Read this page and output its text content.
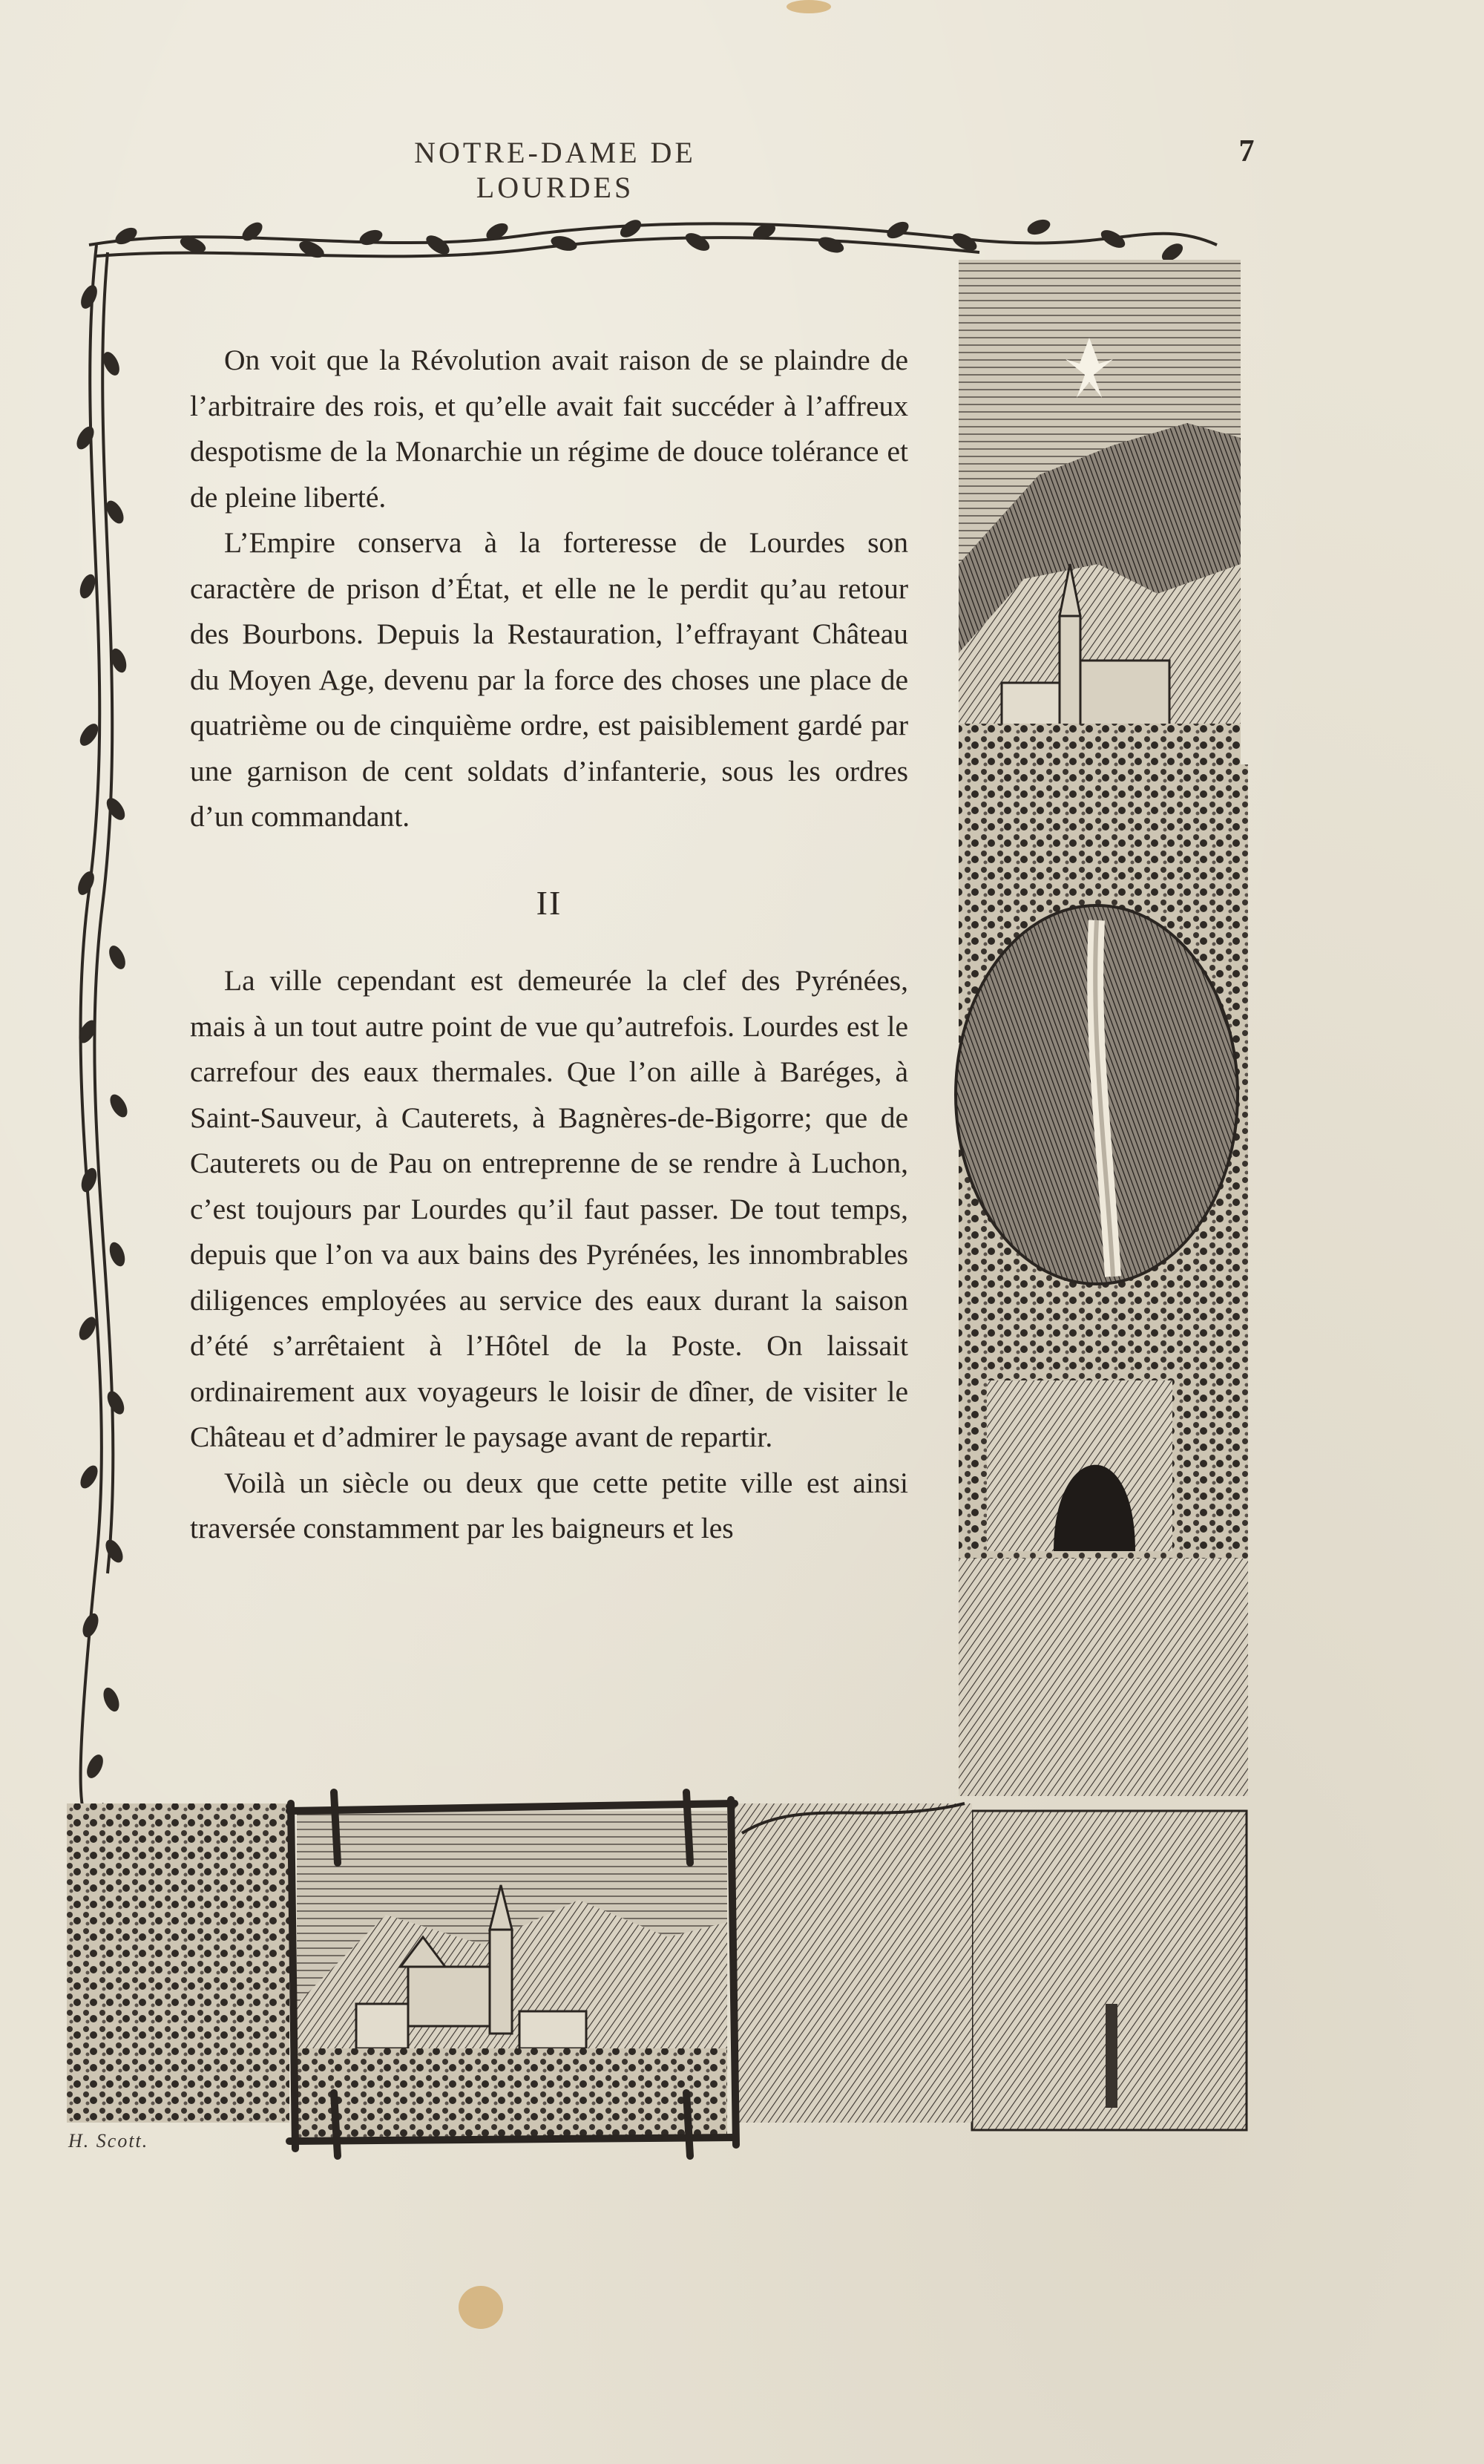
NOTRE-DAME DE LOURDES
7

On voit que la Révolution avait raison de se plaindre de l’arbitraire des rois, et qu’elle avait fait succéder à l’affreux despotisme de la Monarchie un régime de douce tolérance et de pleine liberté.

L’Empire conserva à la forteresse de Lourdes son caractère de prison d’État, et elle ne le perdit qu’au retour des Bourbons. Depuis la Restauration, l’effrayant Château du Moyen Age, devenu par la force des choses une place de quatrième ou de cinquième ordre, est paisiblement gardé par une garnison de cent soldats d’infanterie, sous les ordres d’un commandant.

II

La ville cependant est demeurée la clef des Pyrénées, mais à un tout autre point de vue qu’autrefois. Lourdes est le carrefour des eaux thermales. Que l’on aille à Baréges, à Saint-Sauveur, à Cauterets, à Bagnères-de-Bigorre; que de Cauterets ou de Pau on entreprenne de se rendre à Luchon, c’est toujours par Lourdes qu’il faut passer. De tout temps, depuis que l’on va aux bains des Pyrénées, les innombrables diligences employées au service des eaux durant la saison d’été s’arrêtaient à l’Hôtel de la Poste. On laissait ordinairement aux voyageurs le loisir de dîner, de visiter le Château et d’admirer le paysage avant de repartir.

Voilà un siècle ou deux que cette petite ville est ainsi traversée constamment par les baigneurs et les

H. Scott.
